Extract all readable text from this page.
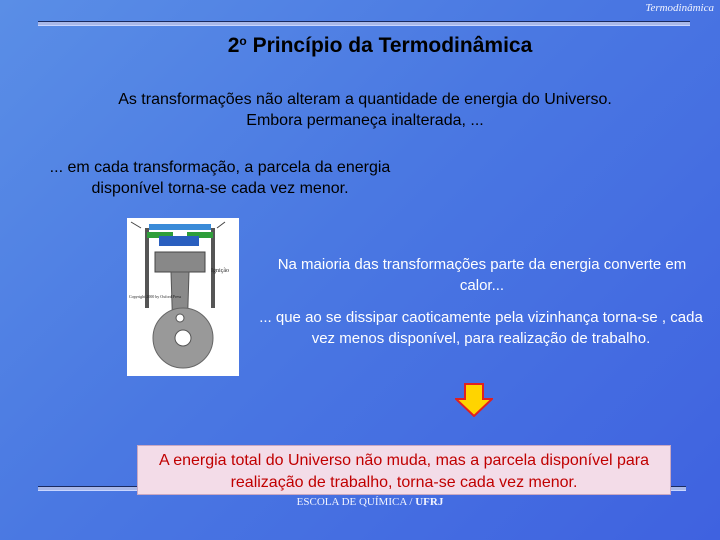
Termodinâmica
2$^o$ Princípio da Termodinâmica
As transformações não alteram a quantidade de energia do Universo. Embora permaneça inalterada, ...
... em cada transformação, a parcela da energia disponível torna-se cada vez menor.
Ignição
Copyright 2000 by Oxford Press
Na maioria das transformações parte da energia converte em calor...
... que ao se dissipar caoticamente pela vizinhança torna-se , cada vez menos disponível, para realização de trabalho.
A energia total do Universo não muda, mas a parcela disponível para realização de trabalho, torna-se cada vez menor.
ESCOLA DE QUÍMICA / UFRJ
